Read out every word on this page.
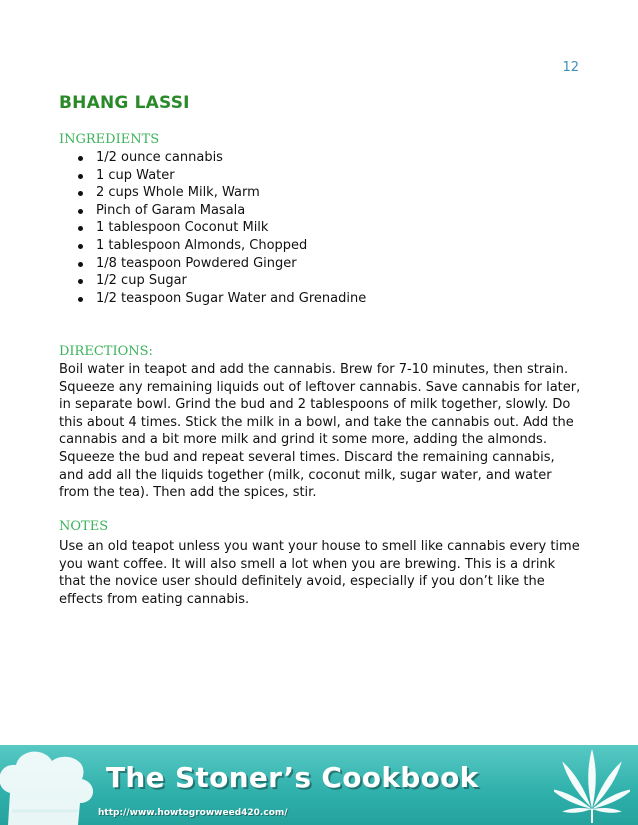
12
BHANG LASSI
INGREDIENTS
1/2 ounce cannabis
1 cup Water
2 cups Whole Milk, Warm
Pinch of Garam Masala
1 tablespoon Coconut Milk
1 tablespoon Almonds, Chopped
1/8 teaspoon Powdered Ginger
1/2 cup Sugar
1/2 teaspoon Sugar Water and Grenadine
DIRECTIONS:

Boil water in teapot and add the cannabis. Brew for 7-10 minutes, then strain. Squeeze any remaining liquids out of leftover cannabis. Save cannabis for later, in separate bowl. Grind the bud and 2 tablespoons of milk together, slowly. Do this about 4 times. Stick the milk in a bowl, and take the cannabis out. Add the cannabis and a bit more milk and grind it some more, adding the almonds. Squeeze the bud and repeat several times. Discard the remaining cannabis, and add all the liquids together (milk, coconut milk, sugar water, and water from the tea). Then add the spices, stir.

NOTES

Use an old teapot unless you want your house to smell like cannabis every time you want coffee. It will also smell a lot when you are brewing. This is a drink that the novice user should definitely avoid, especially if you don’t like the effects from eating cannabis.

The Stoner’s Cookbook
http://www.howtogrowweed420.com/
